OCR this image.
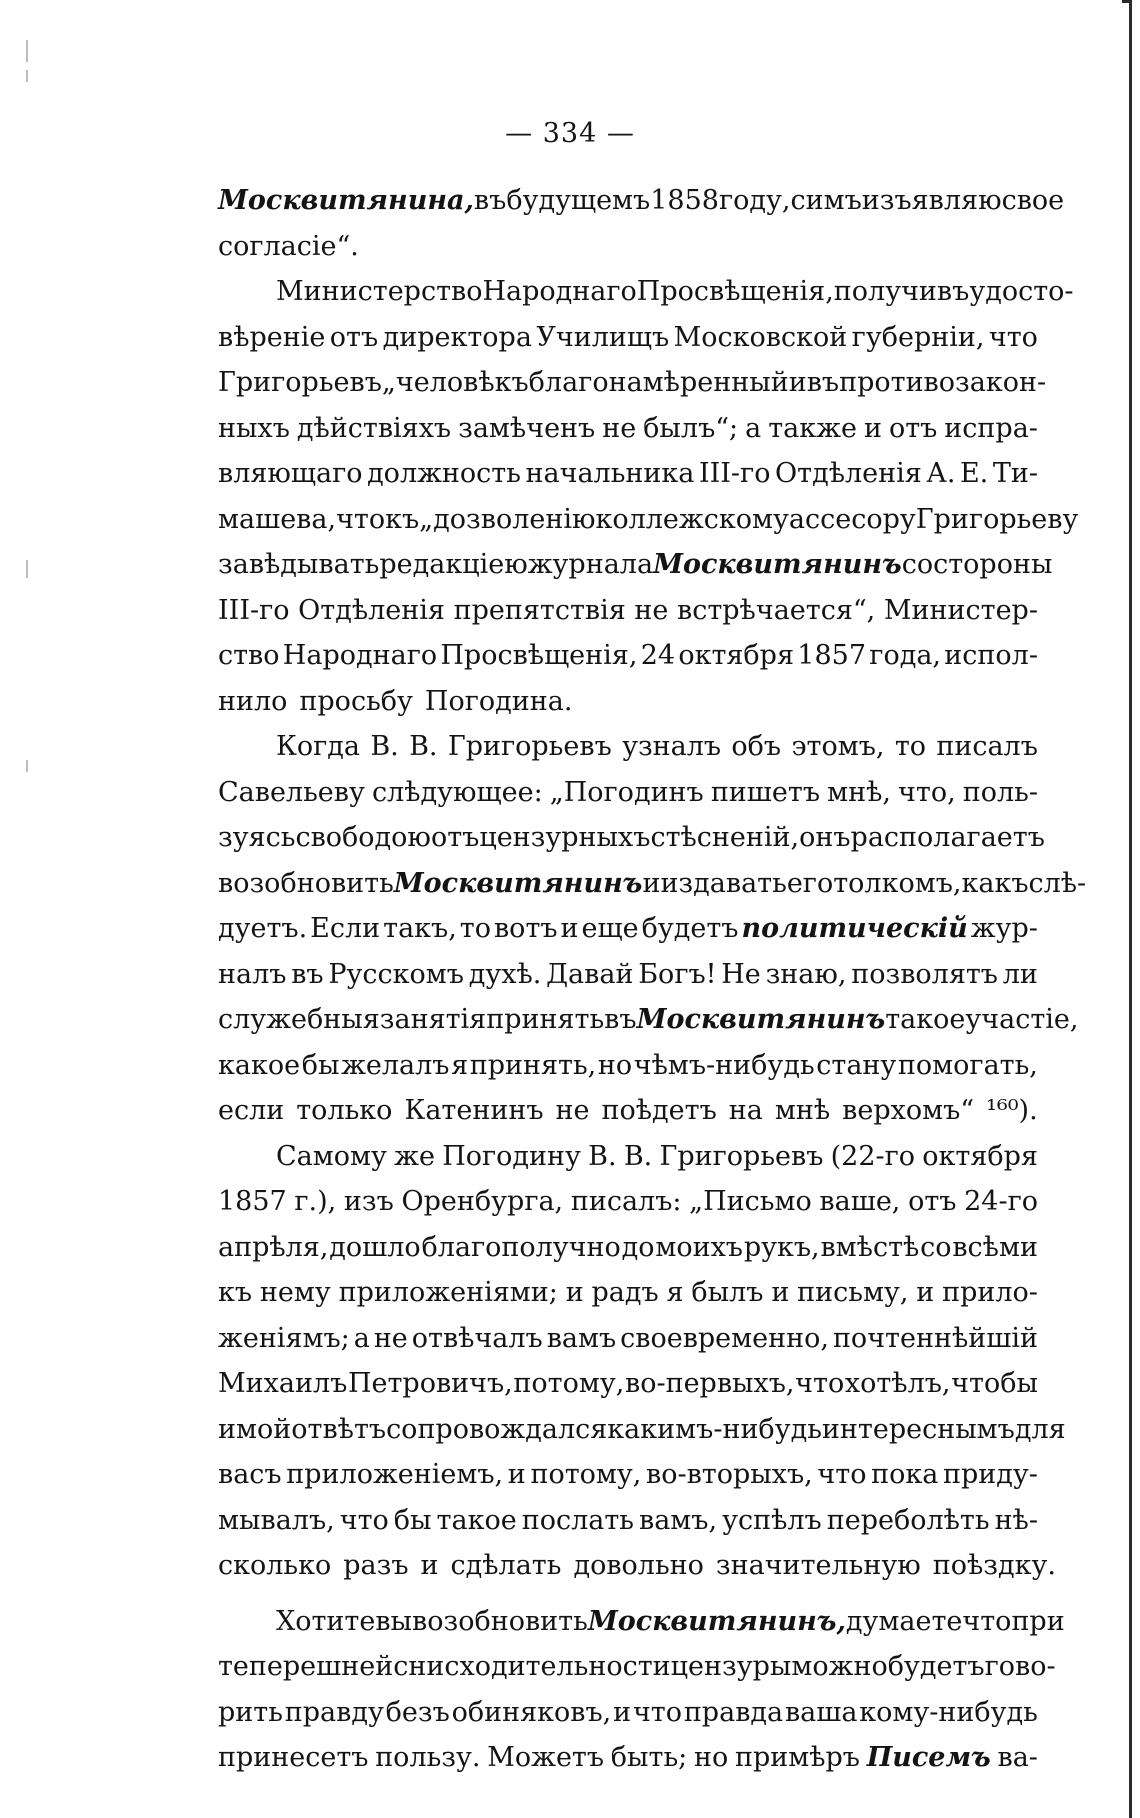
— 334 —
Москвитянина, въ будущемъ 1858 году, симъ изъявляю свое
согласіе“.
Министерство Народнаго Просвѣщенія, получивъ удосто-
вѣреніе отъ директора Училищъ Московской губерніи, что
Григорьевъ „человѣкъ благонамѣренный и въ противозакон-
ныхъ дѣйствіяхъ замѣченъ не былъ“; а также и отъ испра-
вляющаго должность начальника III-го Отдѣленія А. Е. Ти-
машева, что къ „дозволенію коллежскому ассесору Григорьеву
завѣдывать редакціею журнала Москвитянинъ со стороны
III-го Отдѣленія препятствія не встрѣчается“, Министер-
ство Народнаго Просвѣщенія, 24 октября 1857 года, испол-
нило просьбу Погодина.
Когда В. В. Григорьевъ узналъ объ этомъ, то писалъ
Савельеву слѣдующее: „Погодинъ пишетъ мнѣ, что, поль-
зуясь свободою отъ цензурныхъ стѣсненій, онъ располагаетъ
возобновить Москвитянинъ и издавать его толкомъ, какъ слѣ-
дуетъ. Если такъ, то вотъ и еще будетъ политическій жур-
налъ въ Русскомъ духѣ. Давай Богъ! Не знаю, позволятъ ли
служебныя занятія принять въ Москвитянинъ такое участіе,
какое бы желалъ я принять, но чѣмъ-нибудь стану помогать,
если только Катенинъ не поѣдетъ на мнѣ верхомъ“ ¹⁶⁰).
Самому же Погодину В. В. Григорьевъ (22-го октября
1857 г.), изъ Оренбурга, писалъ: „Письмо ваше, отъ 24-го
апрѣля, дошло благополучно до моихъ рукъ, вмѣстѣ со всѣми
къ нему приложеніями; и радъ я былъ и письму, и прило-
женіямъ; а не отвѣчалъ вамъ своевременно, почтеннѣйшій
Михаилъ Петровичъ, потому, во-первыхъ, что хотѣлъ, чтобы
и мой отвѣтъ сопровождался какимъ-нибудь интереснымъ для
васъ приложеніемъ, и потому, во-вторыхъ, что пока приду-
мывалъ, что бы такое послать вамъ, успѣлъ переболѣть нѣ-
сколько разъ и сдѣлать довольно значительную поѣздку.
Хотите вы возобновить Москвитянинъ, думаете что при
теперешней снисходительности цензуры можно будетъ гово-
рить правду безъ обиняковъ, и что правда ваша кому-нибудь
принесетъ пользу. Можетъ быть; но примѣръ Писемъ ва-
